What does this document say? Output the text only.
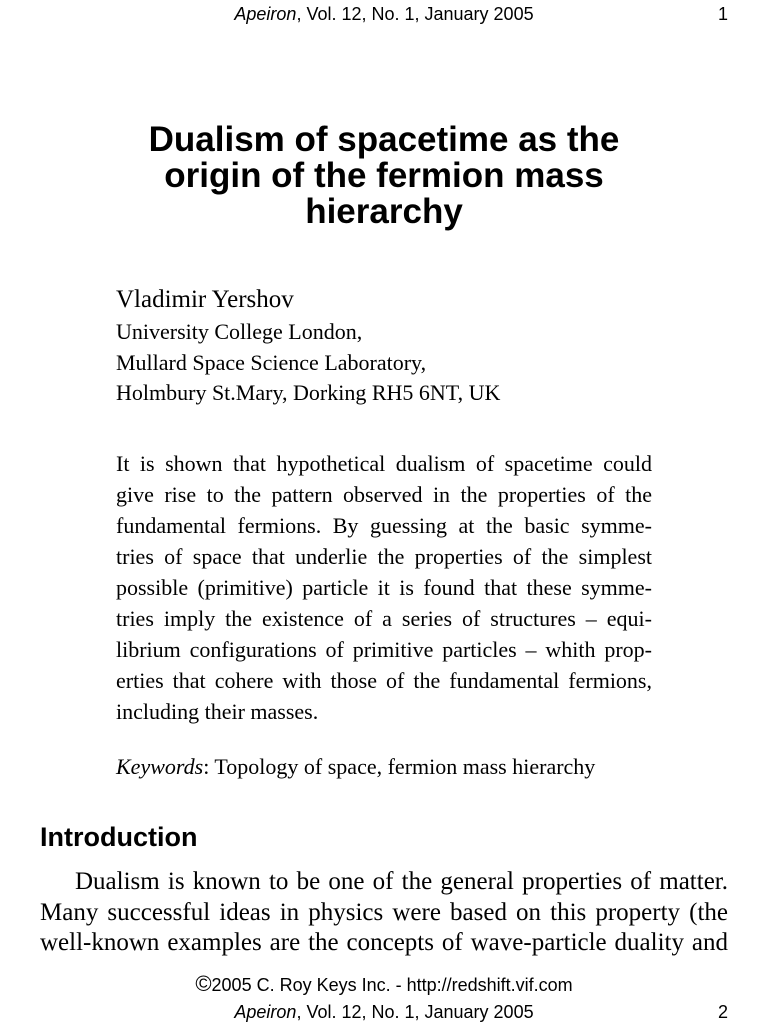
Apeiron, Vol. 12, No. 1, January 2005	1
Dualism of spacetime as the
origin of the fermion mass
hierarchy
Vladimir Yershov
University College London,
Mullard Space Science Laboratory,
Holmbury St.Mary, Dorking RH5 6NT, UK
It is shown that hypothetical dualism of spacetime could
give rise to the pattern observed in the properties of the
fundamental fermions. By guessing at the basic symme-
tries of space that underlie the properties of the simplest
possible (primitive) particle it is found that these symme-
tries imply the existence of a series of structures – equi-
librium configurations of primitive particles – whith prop-
erties that cohere with those of the fundamental fermions,
including their masses.
Keywords: Topology of space, fermion mass hierarchy
Introduction
Dualism is known to be one of the general properties of matter.
Many successful ideas in physics were based on this property (the
well-known examples are the concepts of wave-particle duality and
©2005 C. Roy Keys Inc. - http://redshift.vif.com
Apeiron, Vol. 12, No. 1, January 2005	2
